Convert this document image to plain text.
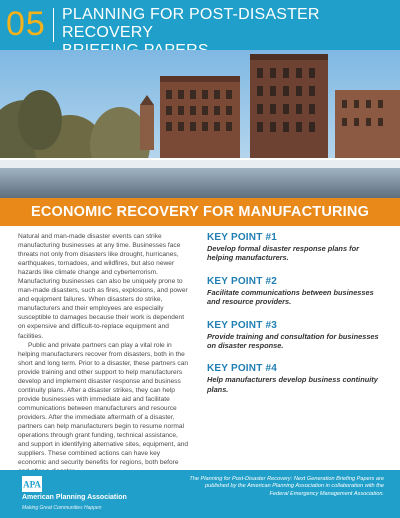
05 PLANNING FOR POST-DISASTER RECOVERY
ECONOMIC RECOVERY FOR MANUFACTURING

Natural and man-made disaster events can strike manufacturing businesses at any time. Businesses face threats not only from disasters like drought, hurricanes, earthquakes, tornadoes, and wildfires, but also newer hazards like climate change and cyberterrorism. Manufacturing businesses can also be uniquely prone to man-made disasters, such as fires, explosions, and power and equipment failures. When disasters do strike, manufacturers and their employees are especially susceptible to damages because their work is dependent on expensive and difficult-to-replace equipment and facilities.

Public and private partners can play a vital role in helping manufacturers recover from disasters, both in the short and long term. Prior to a disaster, these partners can provide training and other support to help manufacturers develop and implement disaster response and business continuity plans. After a disaster strikes, they can help provide businesses with immediate aid and facilitate communications between manufacturers and resource providers. After the immediate aftermath of a disaster, partners can help manufacturers begin to resume normal operations through grant funding, technical assistance, and support in identifying alternative sites, equipment, and suppliers. These combined actions can have key economic and security benefits for regions, both before

KEY POINT #1
Develop formal disaster response plans for helping manufacturers.
KEY POINT #2
Facilitate communications between businesses and resource providers.
KEY POINT #3
Provide training and consultation for businesses on disaster response.
KEY POINT #4
Help manufacturers develop business continuity plans.
APA
American Planning Association
Making Great Communities Happen
The Planning for Post-Disaster Recovery: Next Generation Briefing Papers are published by the American Planning Association in collaboration with the Federal Emergency Management Association.
